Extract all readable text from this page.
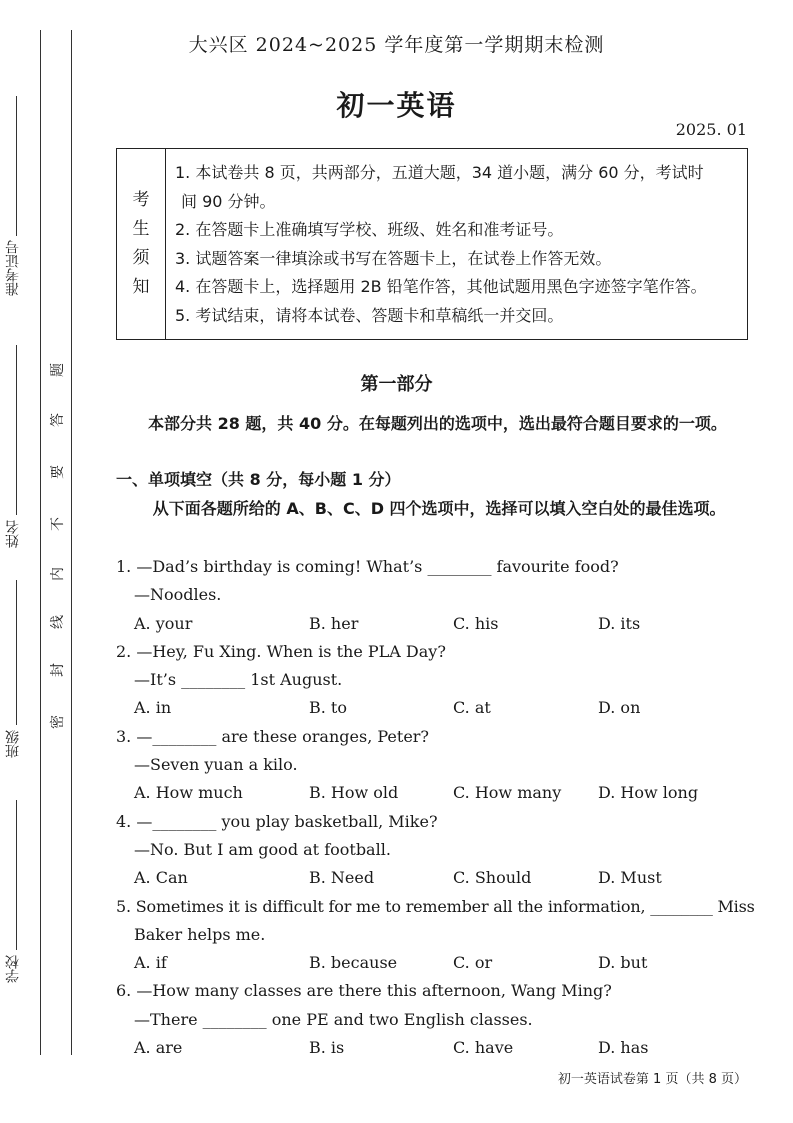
准考证号
姓名
班级
学校
密
封
线
内
不
要
答
题
大兴区 2024~2025 学年度第一学期期末检测
初一英语
2025. 01
考
生
须
知
1. 本试卷共 8 页，共两部分，五道大题，34 道小题，满分 60 分，考试时
间 90 分钟。
2. 在答题卡上准确填写学校、班级、姓名和准考证号。
3. 试题答案一律填涂或书写在答题卡上，在试卷上作答无效。
4. 在答题卡上，选择题用 2B 铅笔作答，其他试题用黑色字迹签字笔作答。
5. 考试结束，请将本试卷、答题卡和草稿纸一并交回。
第一部分
本部分共 28 题，共 40 分。在每题列出的选项中，选出最符合题目要求的一项。
一、单项填空（共 8 分，每小题 1 分）
从下面各题所给的 A、B、C、D 四个选项中，选择可以填入空白处的最佳选项。
1. —Dad’s birthday is coming! What’s ________ favourite food?
—Noodles.
A. your	B. her	C. his	D. its
2. —Hey, Fu Xing. When is the PLA Day?
—It’s ________ 1st August.
A. in	B. to	C. at	D. on
3. —________ are these oranges, Peter?
—Seven yuan a kilo.
A. How much	B. How old	C. How many D. How long
4. —________ you play basketball, Mike?
—No. But I am good at football.
A. Can	B. Need	C. Should	D. Must
5. Sometimes it is difficult for me to remember all the information, ________ Miss
Baker helps me.
A. if	B. because	C. or	D. but
6. —How many classes are there this afternoon, Wang Ming?
—There ________ one PE and two English classes.
A. are	B. is	C. have	D. has
初一英语试卷第 1 页（共 8 页）
